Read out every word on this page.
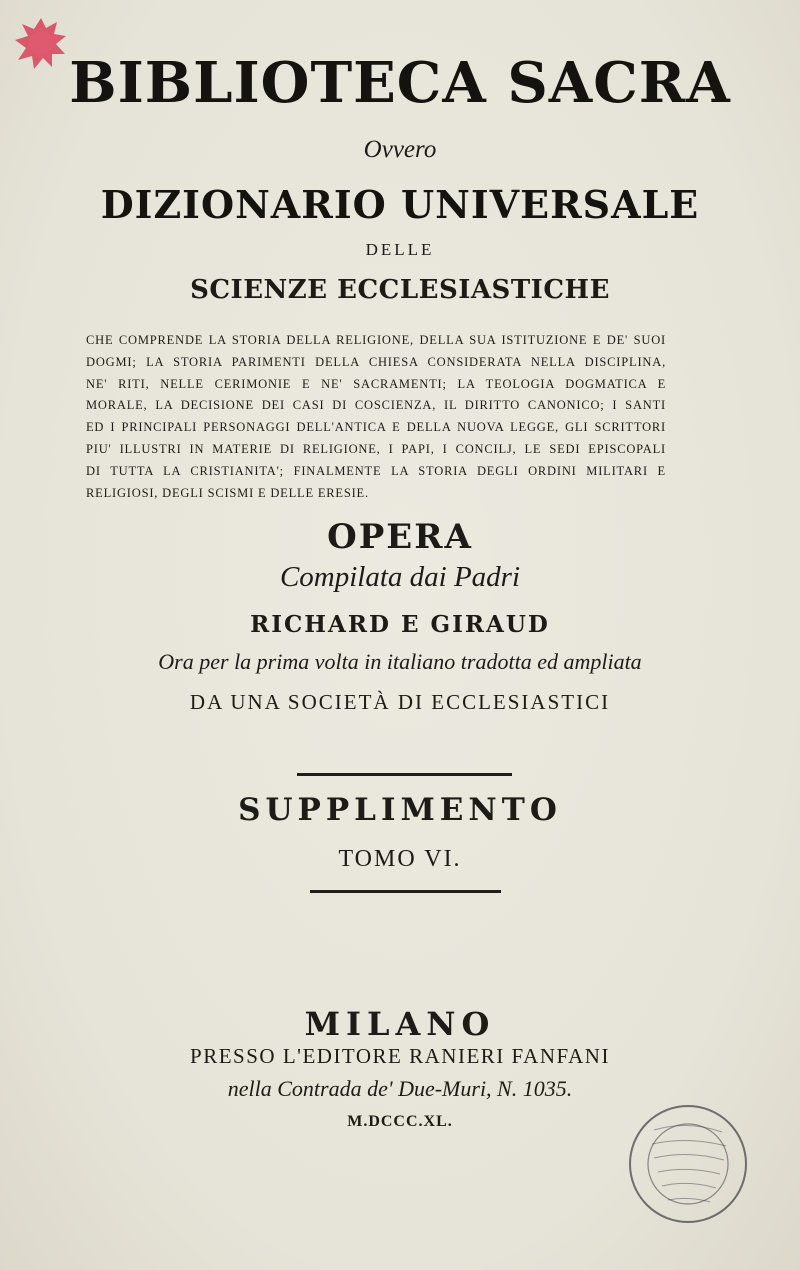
BIBLIOTECA SACRA
Ovvero
DIZIONARIO UNIVERSALE
DELLE
SCIENZE ECCLESIASTICHE
CHE COMPRENDE LA STORIA DELLA RELIGIONE, DELLA SUA ISTITUZIONE E DE' SUOI
DOGMI; LA STORIA PARIMENTI DELLA CHIESA CONSIDERATA NELLA DISCIPLINA,
NE' RITI, NELLE CERIMONIE E NE' SACRAMENTI; LA TEOLOGIA DOGMATICA E
MORALE, LA DECISIONE DEI CASI DI COSCIENZA, IL DIRITTO CANONICO; I SANTI
ED I PRINCIPALI PERSONAGGI DELL'ANTICA E DELLA NUOVA LEGGE, GLI SCRITTORI
PIU' ILLUSTRI IN MATERIE DI RELIGIONE, I PAPI, I CONCILJ, LE SEDI EPISCOPALI
DI TUTTA LA CRISTIANITA'; FINALMENTE LA STORIA DEGLI ORDINI MILITARI E
RELIGIOSI, DEGLI SCISMI E DELLE ERESIE.
OPERA
Compilata dai Padri
RICHARD E GIRAUD
Ora per la prima volta in italiano tradotta ed ampliata
DA UNA SOCIETÀ DI ECCLESIASTICI
SUPPLIMENTO
TOMO VI.
MILANO
PRESSO L'EDITORE RANIERI FANFANI
nella Contrada de' Due-Muri, N. 1035.
M.DCCC.XL.
